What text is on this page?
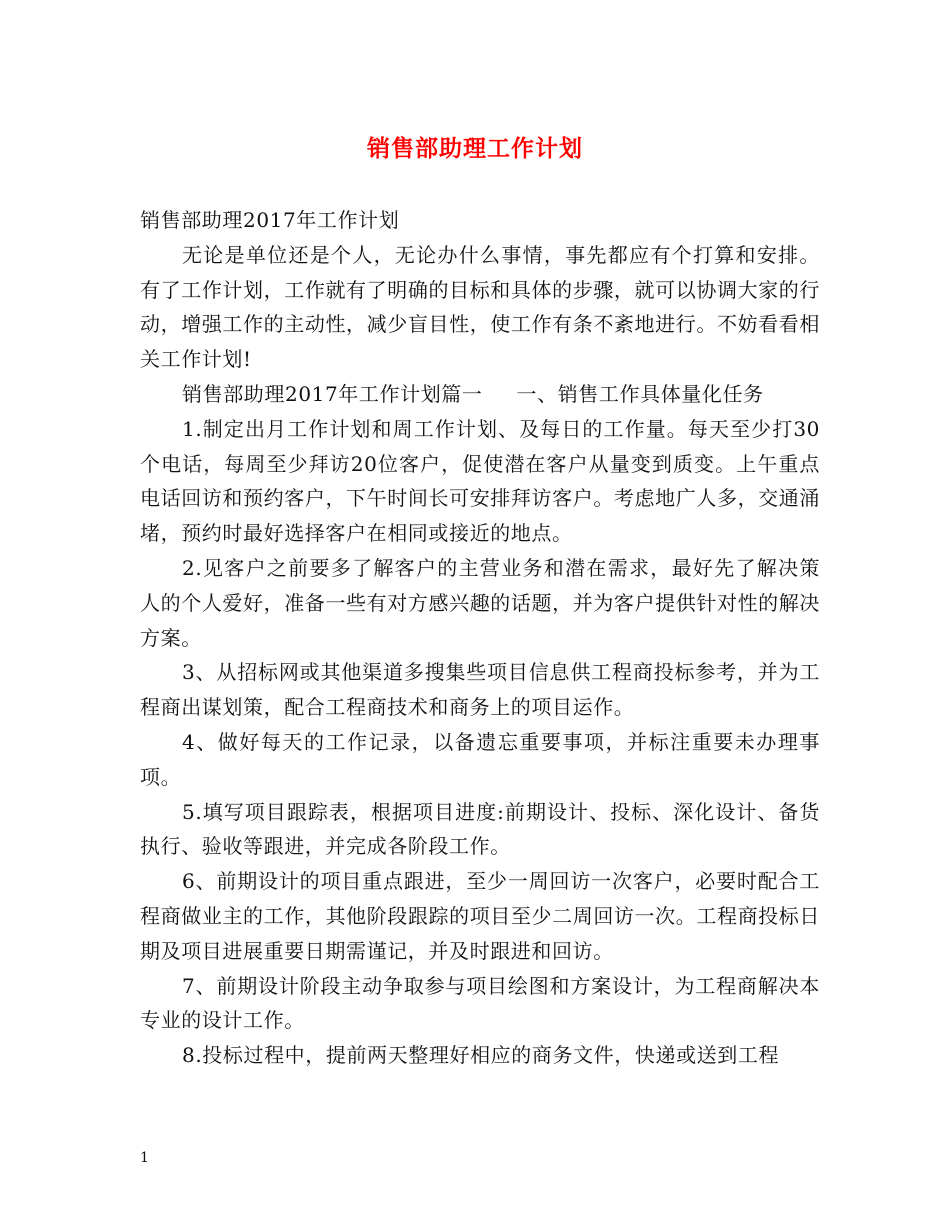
销售部助理工作计划

销售部助理2017年工作计划

无论是单位还是个人，无论办什么事情，事先都应有个打算和安排。有了工作计划，工作就有了明确的目标和具体的步骤，就可以协调大家的行动，增强工作的主动性，减少盲目性，使工作有条不紊地进行。不妨看看相关工作计划!

销售部助理2017年工作计划篇一 一、销售工作具体量化任务

1.制定出月工作计划和周工作计划、及每日的工作量。每天至少打30个电话，每周至少拜访20位客户，促使潜在客户从量变到质变。上午重点电话回访和预约客户，下午时间长可安排拜访客户。考虑地广人多，交通涌堵，预约时最好选择客户在相同或接近的地点。

2.见客户之前要多了解客户的主营业务和潜在需求，最好先了解决策人的个人爱好，准备一些有对方感兴趣的话题，并为客户提供针对性的解决方案。

3、从招标网或其他渠道多搜集些项目信息供工程商投标参考，并为工程商出谋划策，配合工程商技术和商务上的项目运作。

4、做好每天的工作记录，以备遗忘重要事项，并标注重要未办理事项。

5.填写项目跟踪表，根据项目进度:前期设计、投标、深化设计、备货执行、验收等跟进，并完成各阶段工作。

6、前期设计的项目重点跟进，至少一周回访一次客户，必要时配合工程商做业主的工作，其他阶段跟踪的项目至少二周回访一次。工程商投标日期及项目进展重要日期需谨记，并及时跟进和回访。

7、前期设计阶段主动争取参与项目绘图和方案设计，为工程商解决本专业的设计工作。

8.投标过程中，提前两天整理好相应的商务文件，快递或送到工程

1
